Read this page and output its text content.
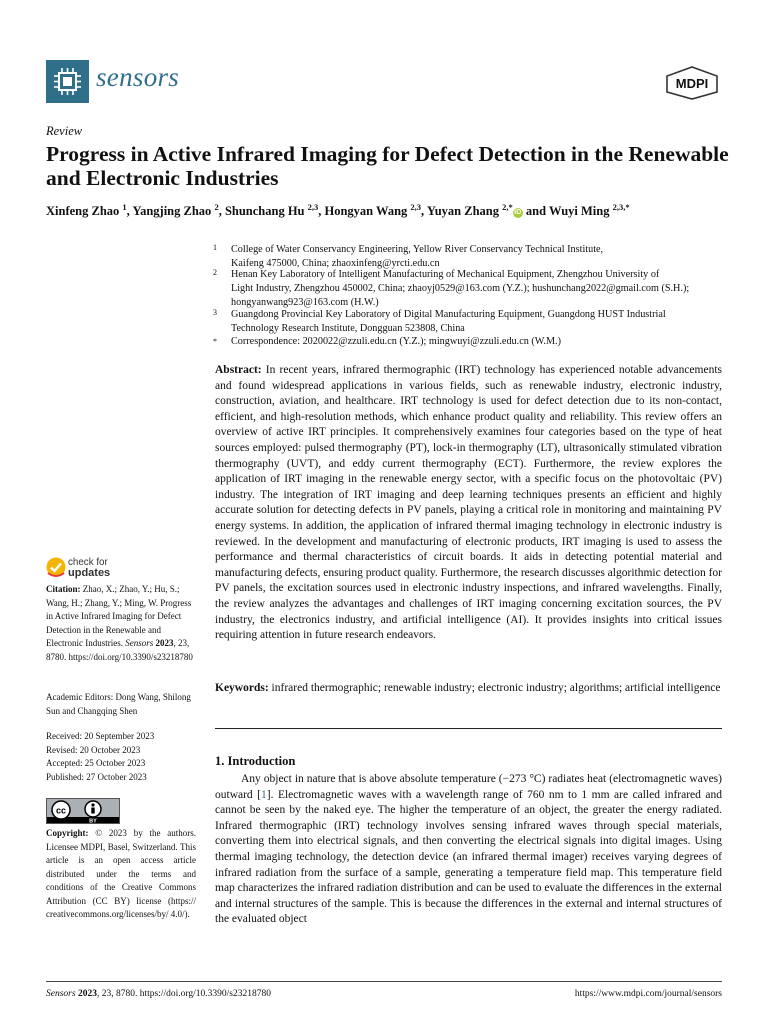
sensors	MDPI
Review
Progress in Active Infrared Imaging for Defect Detection in the Renewable and Electronic Industries
Xinfeng Zhao $^1$, Yangjing Zhao $^2$, Shunchang Hu $^{2,3}$, Hongyan Wang $^{2,3}$, Yuyan Zhang $^{2,*}$iD and Wuyi Ming $^{2,3,*}$
1	College of Water Conservancy Engineering, Yellow River Conservancy Technical Institute,
Kaifeng 475000, China; zhaoxinfeng@yrcti.edu.cn
2	Henan Key Laboratory of Intelligent Manufacturing of Mechanical Equipment, Zhengzhou University of
Light Industry, Zhengzhou 450002, China; zhaoyj0529@163.com (Y.Z.); hushunchang2022@gmail.com (S.H.);
hongyanwang923@163.com (H.W.)
3	Guangdong Provincial Key Laboratory of Digital Manufacturing Equipment, Guangdong HUST Industrial
Technology Research Institute, Dongguan 523808, China
*	Correspondence: 2020022@zzuli.edu.cn (Y.Z.); mingwuyi@zzuli.edu.cn (W.M.)
Abstract: In recent years, infrared thermographic (IRT) technology has experienced notable advancements and found widespread applications in various fields, such as renewable industry, electronic industry, construction, aviation, and healthcare. IRT technology is used for defect detection due to its non-contact, efficient, and high-resolution methods, which enhance product quality and reliability. This review offers an overview of active IRT principles. It comprehensively examines four categories based on the type of heat sources employed: pulsed thermography (PT), lock-in thermography (LT), ultrasonically stimulated vibration thermography (UVT), and eddy current thermography (ECT). Furthermore, the review explores the application of IRT imaging in the renewable energy sector, with a specific focus on the photovoltaic (PV) industry. The integration of IRT imaging and deep learning techniques presents an efficient and highly accurate solution for detecting defects in PV panels, playing a critical role in monitoring and maintaining PV energy systems. In addition, the application of infrared thermal imaging technology in electronic industry is reviewed. In the development and manufacturing of electronic products, IRT imaging is used to assess the performance and thermal characteristics of circuit boards. It aids in detecting potential material and manufacturing defects, ensuring product quality. Furthermore, the research discusses algorithmic detection for PV panels, the excitation sources used in electronic industry inspections, and infrared wavelengths. Finally, the review analyzes the advantages and challenges of IRT imaging concerning excitation sources, the PV industry, the electronics industry, and artificial intelligence (AI). It provides insights into critical issues requiring attention in future research endeavors.
Keywords: infrared thermographic; renewable industry; electronic industry; algorithms; artificial intelligence
1. Introduction
Any object in nature that is above absolute temperature (−273 °C) radiates heat (electromagnetic waves) outward [1]. Electromagnetic waves with a wavelength range of 760 nm to 1 mm are called infrared and cannot be seen by the naked eye. The higher the temperature of an object, the greater the energy radiated. Infrared thermographic (IRT) technology involves sensing infrared waves through special materials, converting them into electrical signals, and then converting the electrical signals into digital images. Using thermal imaging technology, the detection device (an infrared thermal imager) receives varying degrees of infrared radiation from the surface of a sample, generating a temperature field map. This temperature field map characterizes the infrared radiation distribution and can be used to evaluate the differences in the external and internal structures of the sample. This is because the differences in the external and internal structures of the evaluated object
check for
updates
Citation: Zhao, X.; Zhao, Y.; Hu, S.; Wang, H.; Zhang, Y.; Ming, W. Progress in Active Infrared Imaging for Defect Detection in the Renewable and Electronic Industries. Sensors 2023, 23, 8780. https://doi.org/10.3390/s23218780
Academic Editors: Dong Wang, Shilong Sun and Changqing Shen
Received: 20 September 2023
Revised: 20 October 2023
Accepted: 25 October 2023
Published: 27 October 2023
cc
BY
Copyright: © 2023 by the authors. Licensee MDPI, Basel, Switzerland. This article is an open access article distributed under the terms and conditions of the Creative Commons Attribution (CC BY) license (https:// creativecommons.org/licenses/by/ 4.0/).
Sensors 2023, 23, 8780. https://doi.org/10.3390/s23218780	https://www.mdpi.com/journal/sensors
